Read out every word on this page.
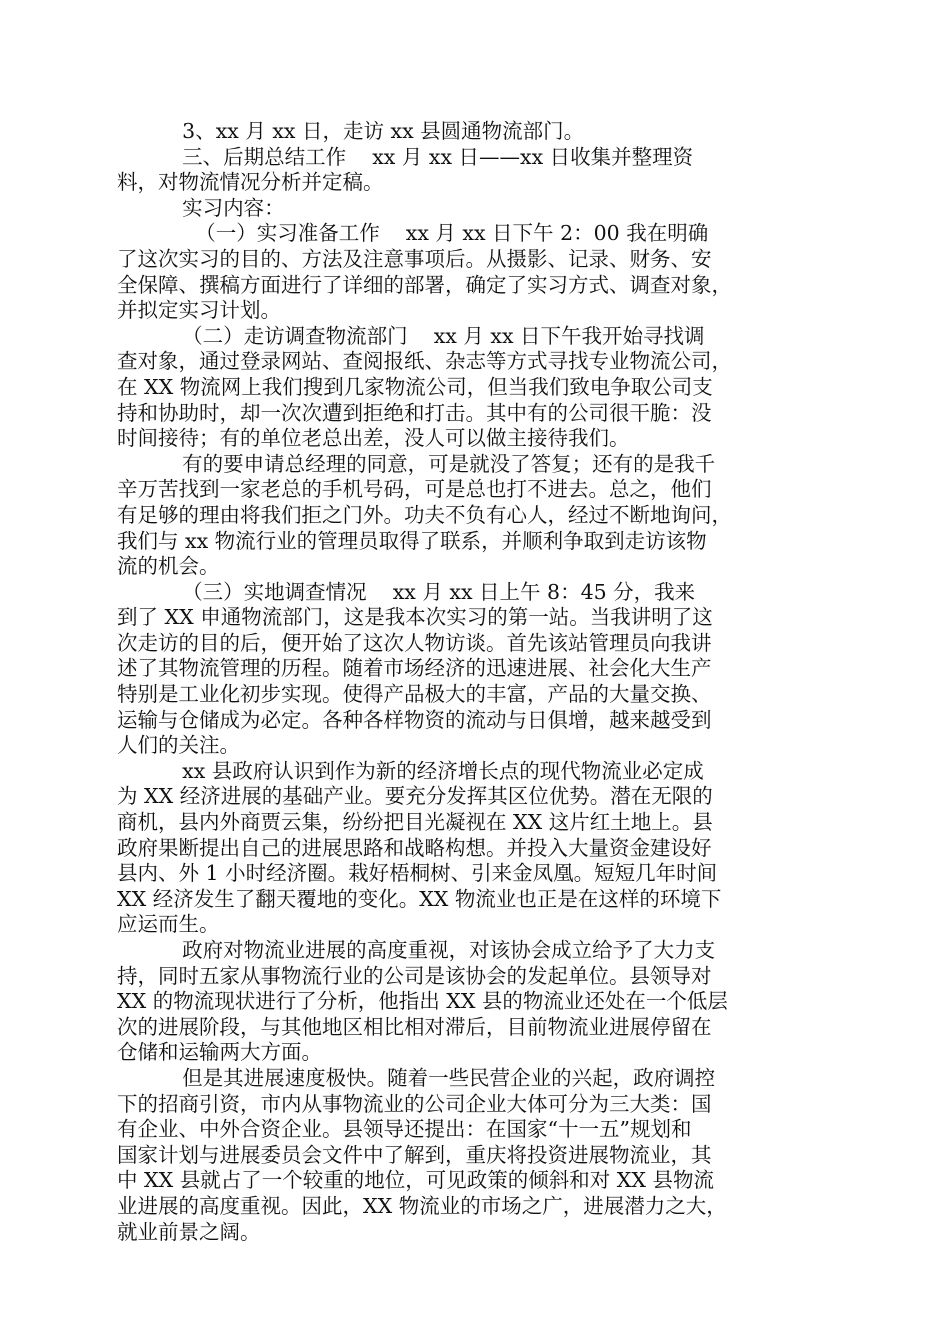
3、xx 月 xx 日，走访 xx 县圆通物流部门。
三、后期总结工作    xx 月 xx 日——xx 日收集并整理资
料，对物流情况分析并定稿。
实习内容：
（一）实习准备工作    xx 月 xx 日下午 2：00 我在明确
了这次实习的目的、方法及注意事项后。从摄影、记录、财务、安
全保障、撰稿方面进行了详细的部署，确定了实习方式、调查对象，
并拟定实习计划。
（二）走访调查物流部门    xx 月 xx 日下午我开始寻找调
查对象，通过登录网站、查阅报纸、杂志等方式寻找专业物流公司，
在 XX 物流网上我们搜到几家物流公司，但当我们致电争取公司支
持和协助时，却一次次遭到拒绝和打击。其中有的公司很干脆：没
时间接待；有的单位老总出差，没人可以做主接待我们。
有的要申请总经理的同意，可是就没了答复；还有的是我千
辛万苦找到一家老总的手机号码，可是总也打不进去。总之，他们
有足够的理由将我们拒之门外。功夫不负有心人，经过不断地询问，
我们与 xx 物流行业的管理员取得了联系，并顺利争取到走访该物
流的机会。
（三）实地调查情况    xx 月 xx 日上午 8：45 分，我来
到了 XX 申通物流部门，这是我本次实习的第一站。当我讲明了这
次走访的目的后，便开始了这次人物访谈。首先该站管理员向我讲
述了其物流管理的历程。随着市场经济的迅速进展、社会化大生产
特别是工业化初步实现。使得产品极大的丰富，产品的大量交换、
运输与仓储成为必定。各种各样物资的流动与日俱增，越来越受到
人们的关注。
xx 县政府认识到作为新的经济增长点的现代物流业必定成
为 XX 经济进展的基础产业。要充分发挥其区位优势。潜在无限的
商机，县内外商贾云集，纷纷把目光凝视在 XX 这片红土地上。县
政府果断提出自己的进展思路和战略构想。并投入大量资金建设好
县内、外 1 小时经济圈。栽好梧桐树、引来金凤凰。短短几年时间
XX 经济发生了翻天覆地的变化。XX 物流业也正是在这样的环境下
应运而生。
政府对物流业进展的高度重视，对该协会成立给予了大力支
持，同时五家从事物流行业的公司是该协会的发起单位。县领导对
XX 的物流现状进行了分析，他指出 XX 县的物流业还处在一个低层
次的进展阶段，与其他地区相比相对滞后，目前物流业进展停留在
仓储和运输两大方面。
但是其进展速度极快。随着一些民营企业的兴起，政府调控
下的招商引资，市内从事物流业的公司企业大体可分为三大类：国
有企业、中外合资企业。县领导还提出：在国家“十一五”规划和
国家计划与进展委员会文件中了解到，重庆将投资进展物流业，其
中 XX 县就占了一个较重的地位，可见政策的倾斜和对 XX 县物流
业进展的高度重视。因此，XX 物流业的市场之广，进展潜力之大，
就业前景之阔。
